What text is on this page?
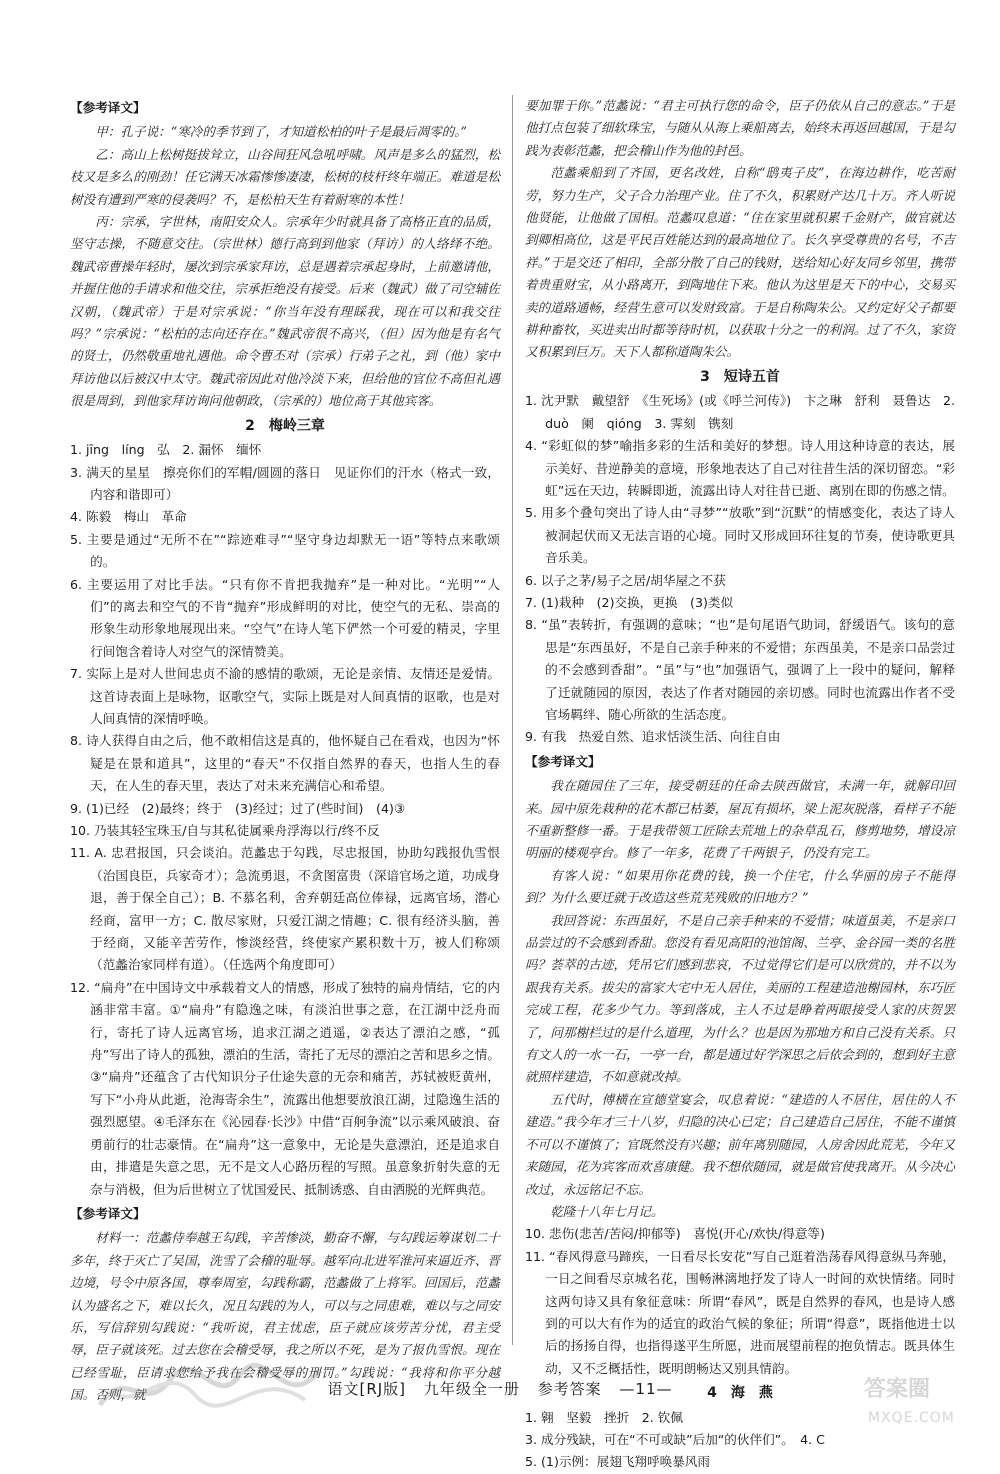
【参考译文】

甲：孔子说：“寒冷的季节到了，才知道松柏的叶子是最后凋零的。”

乙：高山上松树挺拔耸立，山谷间狂风急吼呼啸。风声是多么的猛烈，松枝又是多么的刚劲！任它满天冰霜惨惨凄凄，松树的枝杆终年端正。难道是松树没有遭到严寒的侵袭吗？不，是松柏天生有着耐寒的本性！

丙：宗承，字世林，南阳安众人。宗承年少时就具备了高格正直的品质，坚守志操，不随意交往。（宗世林）德行高到到他家（拜访）的人络绎不绝。魏武帝曹操年轻时，屡次到宗承家拜访，总是遇着宗承起身时，上前邀请他，并握住他的手请求和他交往，宗承拒绝没有接受。后来（魏武）做了司空辅佐汉朝，（魏武帝）于是对宗承说：“你当年没有理睬我，现在可以和我交往吗？”宗承说：“松柏的志向还存在。”魏武帝很不高兴，（但）因为他是有名气的贤士，仍然敬重地礼遇他。命令曹丕对（宗承）行弟子之礼，到（他）家中拜访他以后被汉中太守。魏武帝因此对他冷淡下来，但给他的官位不高但礼遇很是周到，到他家拜访询问他朝政，（宗承的）地位高于其他宾客。

2　梅岭三章

1. jīng　líng　弘　2. 漏怀　缅怀

3. 满天的星星　擦亮你们的军帽/圆圆的落日　见证你们的汗水（格式一致，内容和谐即可）

4. 陈毅　梅山　革命

5. 主要是通过“无所不在”“踪迹难寻”“坚守身边却默无一语”等特点来歌颂的。

6. 主要运用了对比手法。“只有你不肯把我抛弃”是一种对比。“光明”“人们”的离去和空气的不肯“抛弃”形成鲜明的对比，使空气的无私、崇高的形象生动形象地展现出来。“空气”在诗人笔下俨然一个可爱的精灵，字里行间饱含着诗人对空气的深情赞美。

7. 实际上是对人世间忠贞不渝的感情的歌颂，无论是亲情、友情还是爱情。这首诗表面上是咏物，讴歌空气，实际上既是对人间真情的讴歌，也是对人间真情的深情呼唤。

8. 诗人获得自由之后，他不敢相信这是真的，他怀疑自己在看戏，也因为“怀疑是在景和道具”，这里的“春天”不仅指自然界的春天，也指人生的春天，在人生的春天里，表达了对未来充满信心和希望。

9. (1)已经　(2)最终；终于　(3)经过；过了(些时间)　(4)③

10. 乃装其轻宝珠玉/自与其私徒属乘舟浮海以行/终不反

11. A. 忠君报国，只会谈泊。范蠡忠于勾践，尽忠报国，协助勾践报仇雪恨（治国良臣，兵家奇才）；急流勇退，不贪图富贵（深谙官场之道，功成身退，善于保全自己）；B. 不慕名利，舍弃朝廷高位俸禄，远离官场，潜心经商，富甲一方；C. 散尽家财，只爱江湖之情趣；C. 很有经济头脑，善于经商，又能辛苦劳作，惨淡经营，终使家产累积数十万，被人们称颂（范蠡治家同样有道）。（任选两个角度即可）

12. “扁舟”在中国诗文中承载着文人的情感，形成了独特的扁舟情结，它的内涵非常丰富。①“扁舟”有隐逸之味，有淡泊世事之意，在江湖中泛舟而行，寄托了诗人远离官场，追求江湖之逍遥，②表达了漂泊之感，“孤舟”写出了诗人的孤独，漂泊的生活，寄托了无尽的漂泊之苦和思乡之情。③“扁舟”还蕴含了古代知识分子仕途失意的无奈和痛苦，苏轼被贬黄州，写下“小舟从此逝，沧海寄余生”，流露出他想要放浪江湖，过隐逸生活的强烈愿望。④毛泽东在《沁园春·长沙》中借“百舸争流”以示乘风破浪、奋勇前行的壮志豪情。在“扁舟”这一意象中，无论是失意漂泊，还是追求自由，排遣是失意之思，无不是文人心路历程的写照。虽意象折射失意的无奈与消极，但为后世树立了忧国爱民、抵制诱惑、自由洒脱的光辉典范。

【参考译文】

材料一：范蠡侍奉越王勾践，辛苦惨淡，勤奋不懈，与勾践运筹谋划二十多年，终于灭亡了吴国，洗雪了会稽的耻辱。越军向北进军淮河来逼近齐、晋边境，号令中原各国，尊奉周室，勾践称霸，范蠡做了上将军。回国后，范蠡认为盛名之下，难以长久，况且勾践的为人，可以与之同患难，难以与之同安乐，写信辞别勾践说：“我听说，君主忧虑，臣子就应该劳苦分忧，君主受辱，臣子就该死。过去您在会稽受辱，我之所以不死，是为了报仇雪恨。现在已经雪耻，臣请求您给予我在会稽受辱的刑罚。”勾践说：“我将和你平分越国。否则，就

要加罪于你。”范蠡说：“君主可执行您的命令，臣子仍依从自己的意志。”于是他打点包装了细软珠宝，与随从从海上乘船离去，始终未再返回越国，于是勾践为表彰范蠡，把会稽山作为他的封邑。

范蠡乘船到了齐国，更名改姓，自称“鸱夷子皮”，在海边耕作，吃苦耐劳，努力生产，父子合力治理产业。住了不久，积累财产达几十万。齐人听说他贤能，让他做了国相。范蠡叹息道：“住在家里就积累千金财产，做官就达到卿相高位，这是平民百姓能达到的最高地位了。长久享受尊贵的名号，不吉祥。”于是交还了相印，全部分散了自己的钱财，送给知心好友同乡邻里，携带着贵重财宝，从小路离开，到陶地住下来。他认为这里是天下的中心，交易买卖的道路通畅，经营生意可以发财致富。于是自称陶朱公。又约定好父子都要耕种畜牧，买进卖出时都等待时机，以获取十分之一的利润。过了不久，家资又积累到巨万。天下人都称道陶朱公。

3　短诗五首

1. 沈尹默　戴望舒　《生死场》(或《呼兰河传》)　卞之琳　舒利　聂鲁达　2. duò　阑　qióng　3. 霁刻　镌刻

4. “彩虹似的梦”喻指多彩的生活和美好的梦想。诗人用这种诗意的表达，展示美好、昔逆静美的意境，形象地表达了自己对往昔生活的深切留恋。“彩虹”远在天边，转瞬即逝，流露出诗人对往昔已逝、离别在即的伤感之情。

5. 用多个叠句突出了诗人由“寻梦”“放歌”到“沉默”的情感变化，表达了诗人被洞起伏而又无法言语的心境。同时又形成回环往复的节奏，使诗歌更具音乐美。

6. 以子之茅/易子之居/胡华屋之不获

7. (1)栽种　(2)交换，更换　(3)类似

8. “虽”表转折，有强调的意味；“也”是句尾语气助词，舒缓语气。该句的意思是“东西虽好，不是自己亲手种来的不爱惜；东西虽美，不是亲口品尝过的不会感到香甜”。“虽”与“也”加强语气，强调了上一段中的疑问，解释了迁就随园的原因，表达了作者对随园的亲切感。同时也流露出作者不受官场羁绊、随心所欲的生活态度。

9. 有我　热爱自然、追求恬淡生活、向往自由

【参考译文】

我在随园住了三年，接受朝廷的任命去陕西做官，未满一年，就解印回来。园中原先栽种的花木都已枯萎，屋瓦有损坏，梁上泥灰脱落，看样子不能不重新整修一番。于是我带领工匠除去荒地上的杂草乱石，修剪地势，增设凉明丽的楼观亭台。修了一年多，花费了千两银子，仍没有完工。

有客人说：“如果用你花费的钱，换一个住宅，什么华丽的房子不能得到？为什么要迁就于改造这些荒芜残败的旧地方？”

我回答说：东西虽好，不是自己亲手种来的不爱惜；味道虽美，不是亲口品尝过的不会感到香甜。您没有看见高阳的池馆阁、兰亭、金谷园一类的名胜吗？荟萃的古迹，凭吊它们感到悲哀，不过觉得它们是可以欣赏的，并不以为跟我有关系。拔尖的富家大宅中无人居住，美丽的工程建造池榭园林，东巧匠完成工程，花多少气力。等到落成，主人不过是睁着两眼接受人家的庆贺罢了，问那榭栏过的是什么道理，为什么？也是因为那地方和自己没有关系。只有文人的一水一石，一亭一台，都是通过好学深思之后依会到的，想到好主意就照样建造，不如意就改掉。

五代时，傅横在宣德堂宴会，叹息着说：“建造的人不居住，居住的人不建造。”我今年才三十八岁，归隐的决心已定；自己建造自己居住，不能不谨慎不可以不谨慎了；官既然没有兴趣；前年离别随园，人房舍因此荒芜，今年又来随园，花为宾客而欢喜康健。我不想依随园，就是做官使我离开。从今决心改过，永远铭记不忘。

乾隆十八年七月记。

10. 悲伤(悲苦/苦闷/抑郁等)　喜悦(开心/欢快/得意等)

11. “春风得意马蹄疾，一日看尽长安花”写自己逛着浩荡春风得意纵马奔驰，一日之间看尽京城名花，围畅淋漓地抒发了诗人一时间的欢快情绪。同时这两句诗又具有象征意味：所谓“春风”，既是自然界的春风，也是诗人感到的可以大有作为的适宜的政治气候的象征；所谓“得意”，既指他进士以后的扬扬自得，也指得遂平生所愿，进而展望前程的抱负情志。既具体生动，又不乏概括性，既明朗畅达又别具情韵。

4　海　燕

1. 翱　坚毅　挫折　2. 钦佩

3. 成分残缺，可在“不可或缺”后加“的伙伴们”。　4. C

5. (1)示例：展翅飞翔呼唤暴风雨

语文[RJ版] 九年级全一册 参考答案 —11—	答案圈
MXQE.COM
